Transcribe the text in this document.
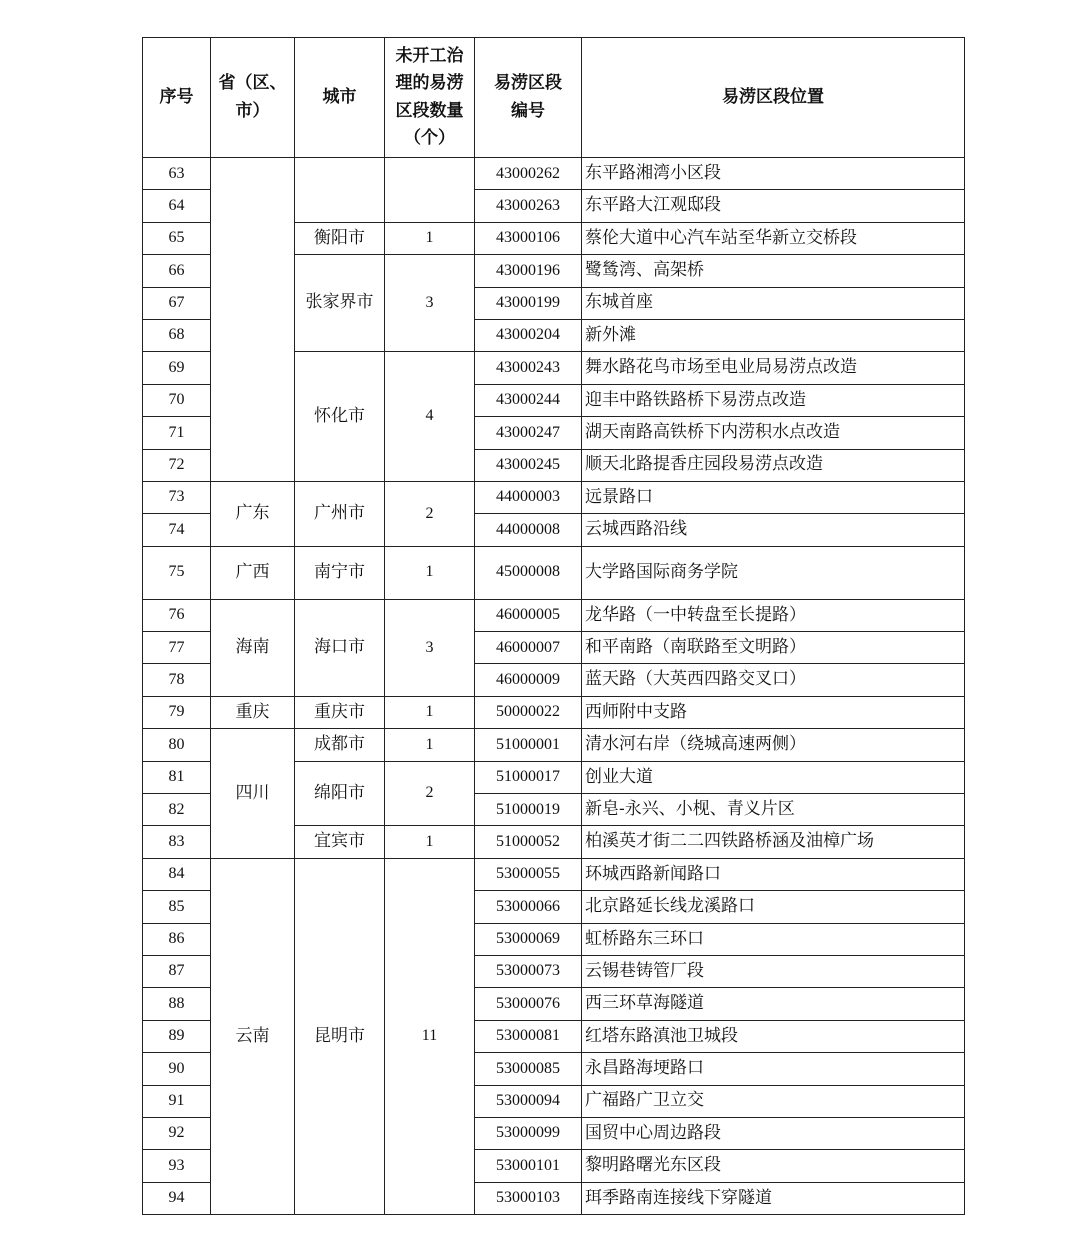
序号	省（区、市）	城市	未开工治理的易涝区段数量（个）	易涝区段编号	易涝区段位置
63				43000262	东平路湘湾小区段
64				43000263	东平路大江观邸段
65		衡阳市	1	43000106	蔡伦大道中心汽车站至华新立交桥段
66		张家界市	3	43000196	鹭鸶湾、高架桥
67				43000199	东城首座
68				43000204	新外滩
69		怀化市	4	43000243	舞水路花鸟市场至电业局易涝点改造
70				43000244	迎丰中路铁路桥下易涝点改造
71				43000247	湖天南路高铁桥下内涝积水点改造
72				43000245	顺天北路提香庄园段易涝点改造
73	广东	广州市	2	44000003	远景路口
74				44000008	云城西路沿线
75	广西	南宁市	1	45000008	大学路国际商务学院
76	海南	海口市	3	46000005	龙华路（一中转盘至长提路）
77				46000007	和平南路（南联路至文明路）
78				46000009	蓝天路（大英西四路交叉口）
79	重庆	重庆市	1	50000022	西师附中支路
80	四川	成都市	1	51000001	清水河右岸（绕城高速两侧）
81		绵阳市	2	51000017	创业大道
82				51000019	新皂-永兴、小枧、青义片区
83		宜宾市	1	51000052	柏溪英才街二二四铁路桥涵及油樟广场
84	云南	昆明市	11	53000055	环城西路新闻路口
85				53000066	北京路延长线龙溪路口
86				53000069	虹桥路东三环口
87				53000073	云锡巷铸管厂段
88				53000076	西三环草海隧道
89				53000081	红塔东路滇池卫城段
90				53000085	永昌路海埂路口
91				53000094	广福路广卫立交
92				53000099	国贸中心周边路段
93				53000101	黎明路曙光东区段
94				53000103	珥季路南连接线下穿隧道
